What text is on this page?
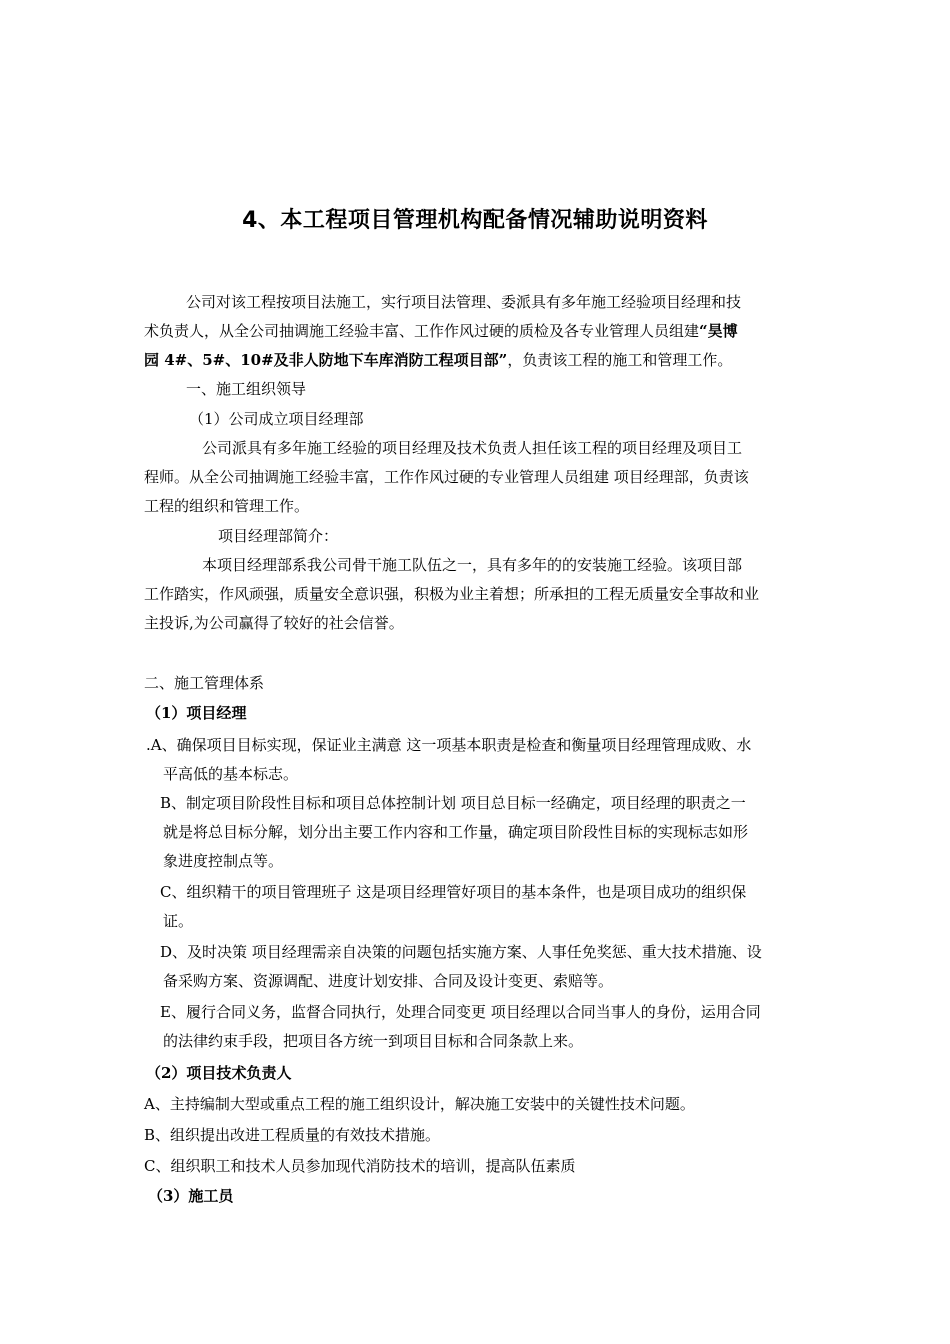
4、本工程项目管理机构配备情况辅助说明资料
公司对该工程按项目法施工，实行项目法管理、委派具有多年施工经验项目经理和技
术负责人，从全公司抽调施工经验丰富、工作作风过硬的质检及各专业管理人员组建“昊博
园 4#、5#、10#及非人防地下车库消防工程项目部”，负责该工程的施工和管理工作。
一、施工组织领导
（1）公司成立项目经理部
公司派具有多年施工经验的项目经理及技术负责人担任该工程的项目经理及项目工
程师。从全公司抽调施工经验丰富，工作作风过硬的专业管理人员组建 项目经理部，负责该
工程的组织和管理工作。
项目经理部简介：
本项目经理部系我公司骨干施工队伍之一，具有多年的的安装施工经验。该项目部
工作踏实，作风顽强，质量安全意识强，积极为业主着想；所承担的工程无质量安全事故和业
主投诉,为公司赢得了较好的社会信誉。
二、施工管理体系
（1）项目经理
.A、确保项目目标实现，保证业主满意 这一项基本职责是检查和衡量项目经理管理成败、水
平高低的基本标志。
B、制定项目阶段性目标和项目总体控制计划 项目总目标一经确定，项目经理的职责之一
就是将总目标分解，划分出主要工作内容和工作量，确定项目阶段性目标的实现标志如形
象进度控制点等。
C、组织精干的项目管理班子 这是项目经理管好项目的基本条件，也是项目成功的组织保
证。
D、及时决策 项目经理需亲自决策的问题包括实施方案、人事任免奖惩、重大技术措施、设
备采购方案、资源调配、进度计划安排、合同及设计变更、索赔等。
E、履行合同义务，监督合同执行，处理合同变更 项目经理以合同当事人的身份，运用合同
的法律约束手段，把项目各方统一到项目目标和合同条款上来。
（2）项目技术负责人
A、主持编制大型或重点工程的施工组织设计，解决施工安装中的关键性技术问题。
B、组织提出改进工程质量的有效技术措施。
C、组织职工和技术人员参加现代消防技术的培训，提高队伍素质
（3）施工员
